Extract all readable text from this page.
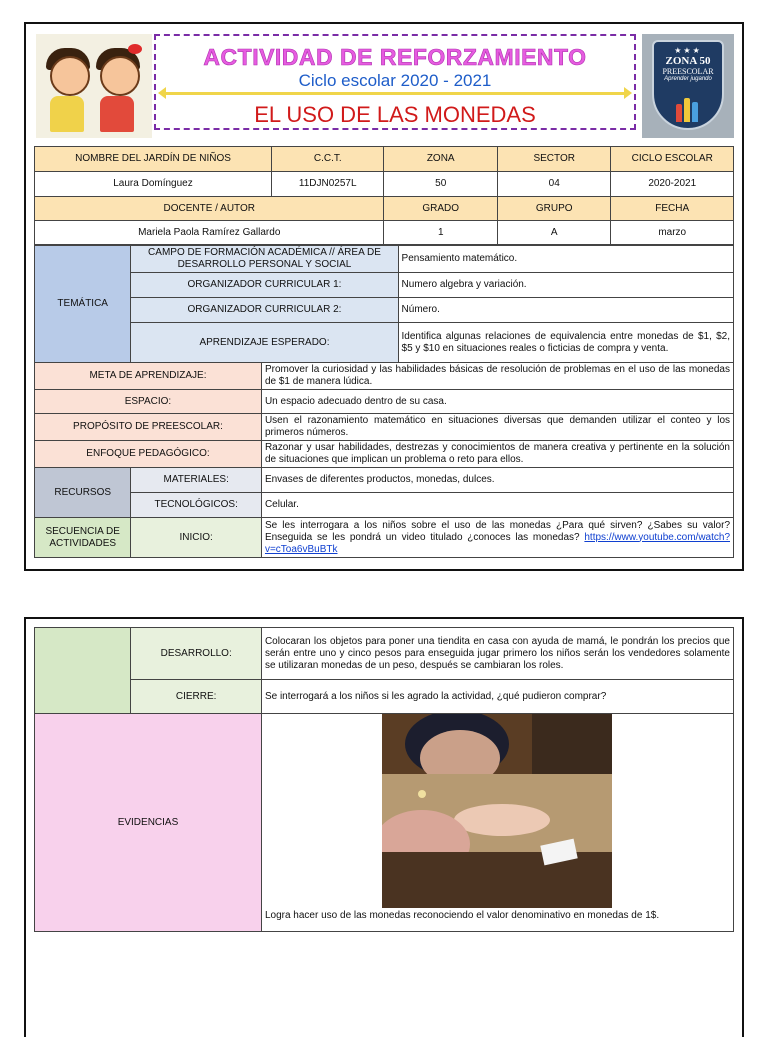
ACTIVIDAD DE REFORZAMIENTO
Ciclo escolar 2020 - 2021
EL USO DE LAS MONEDAS
★★★
ZONA 50
PREESCOLAR
Aprender jugando
NOMBRE DEL JARDÍN DE NIÑOS	C.C.T.	ZONA	SECTOR	CICLO ESCOLAR
Laura Domínguez	11DJN0257L	50	04	2020-2021
DOCENTE / AUTOR		GRADO	GRUPO	FECHA
Mariela Paola Ramírez Gallardo		1	A	marzo
TEMÁTICA	CAMPO DE FORMACIÓN ACADÉMICA // ÁREA DE DESARROLLO PERSONAL Y SOCIAL		Pensamiento matemático.
	ORGANIZADOR CURRICULAR 1:		Numero algebra y variación.
	ORGANIZADOR CURRICULAR 2:		Número.
	APRENDIZAJE ESPERADO:		Identifica algunas relaciones de equivalencia entre monedas de $1, $2, $5 y $10 en situaciones reales o ficticias de compra y venta.
META DE APRENDIZAJE:		Promover la curiosidad y las habilidades básicas de resolución de problemas en el uso de las monedas de $1 de manera lúdica.	
ESPACIO:		Un espacio adecuado dentro de su casa.	
PROPÓSITO DE PREESCOLAR:		Usen el razonamiento matemático en situaciones diversas que demanden utilizar el conteo y los primeros números.	
ENFOQUE PEDAGÓGICO:		Razonar y usar habilidades, destrezas y conocimientos de manera creativa y pertinente en la solución de situaciones que implican un problema o reto para ellos.	
RECURSOS	MATERIALES:	Envases de diferentes productos, monedas, dulces.	
	TECNOLÓGICOS:	Celular.	
SECUENCIA DE ACTIVIDADES	INICIO:	Se les interrogara a los niños sobre el uso de las monedas ¿Para qué sirven? ¿Sabes su valor? Enseguida se les pondrá un video titulado ¿conoces las monedas? https://www.youtube.com/watch?v=cToa6vBuBTk	
	DESARROLLO:	Colocaran los objetos para poner una tiendita en casa con ayuda de mamá, le pondrán los precios que serán entre uno y cinco pesos para enseguida jugar primero los niños serán los vendedores solamente se utilizaran monedas de un peso, después se cambiaran los roles.
	CIERRE:	Se interrogará a los niños si les agrado la actividad, ¿qué pudieron comprar?
EVIDENCIAS		Logra hacer uso de las monedas reconociendo el valor denominativo en monedas de 1$.
